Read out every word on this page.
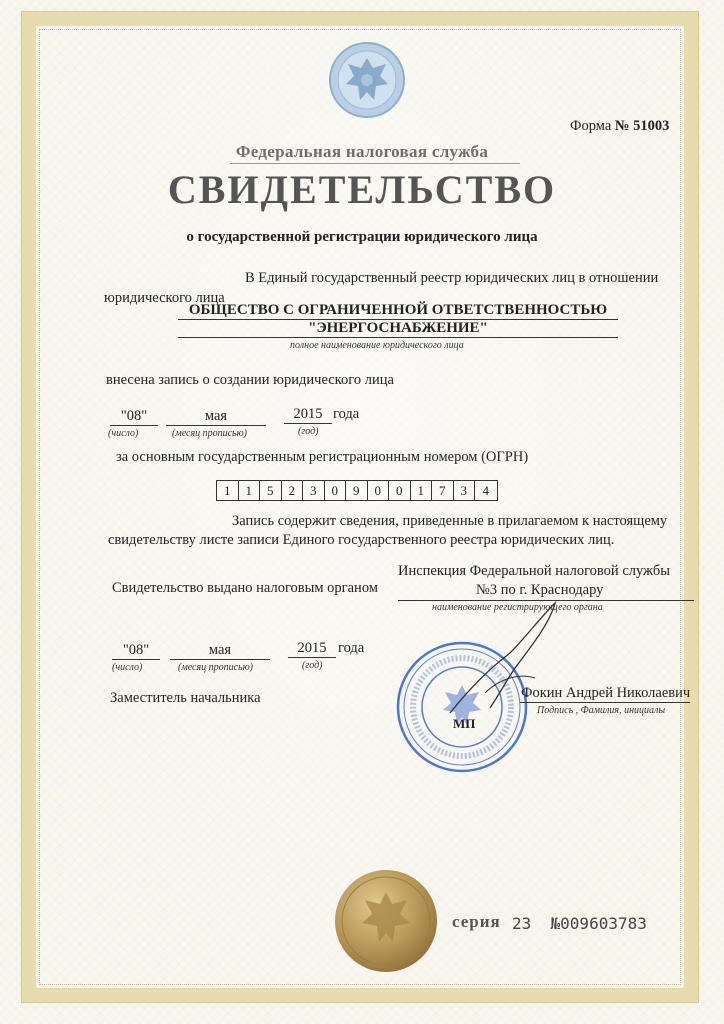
Форма № 51003
Федеральная налоговая служба
СВИДЕТЕЛЬСТВО
о государственной регистрации юридического лица
В Единый государственный реестр юридических лиц в отношении
юридического лица
ОБЩЕСТВО С ОГРАНИЧЕННОЙ ОТВЕТСТВЕННОСТЬЮ
"ЭНЕРГОСНАБЖЕНИЕ"
полное наименование юридического лица
внесена запись о создании юридического лица
"08"	мая	2015 года
(число)	(месяц прописью)	(год)
за основным государственным регистрационным номером (ОГРН)
1	1	5	2	3	0	9	0	0	1	7	3	4
Запись содержит сведения, приведенные в прилагаемом к настоящему
свидетельству листе записи Единого государственного реестра юридических лиц.
Свидетельство выдано налоговым органом
Инспекция Федеральной налоговой службы
№3 по г. Краснодару
наименование регистрирующего органа
"08"	мая	2015 года
(число)	(месяц прописью)	(год)
Заместитель начальника
МП
Фокин Андрей Николаевич
Подпись , Фамилия, инициалы
серия 23 №009603783
